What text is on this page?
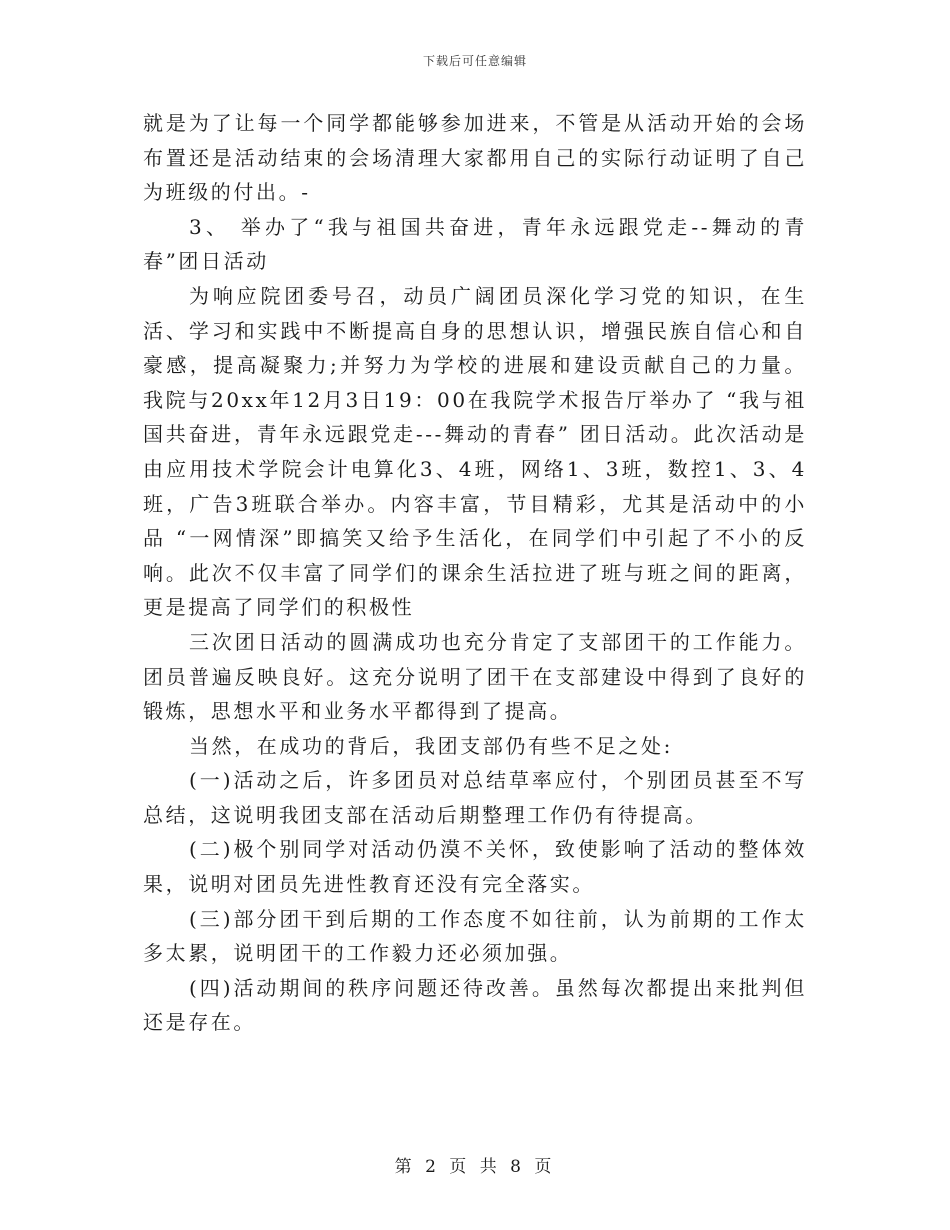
下载后可任意编辑

就是为了让每一个同学都能够参加进来，不管是从活动开始的会场布置还是活动结束的会场清理大家都用自己的实际行动证明了自己为班级的付出。-

3、 举办了“我与祖国共奋进，青年永远跟党走--舞动的青春”团日活动

为响应院团委号召，动员广阔团员深化学习党的知识，在生活、学习和实践中不断提高自身的思想认识，增强民族自信心和自豪感，提高凝聚力;并努力为学校的进展和建设贡献自己的力量。我院与20xx年12月3日19：00在我院学术报告厅举办了 “我与祖国共奋进，青年永远跟党走---舞动的青春” 团日活动。此次活动是由应用技术学院会计电算化3、4班，网络1、3班，数控1、3、4班，广告3班联合举办。内容丰富，节目精彩，尤其是活动中的小品 “一网情深”即搞笑又给予生活化，在同学们中引起了不小的反响。此次不仅丰富了同学们的课余生活拉进了班与班之间的距离，更是提高了同学们的积极性

三次团日活动的圆满成功也充分肯定了支部团干的工作能力。团员普遍反映良好。这充分说明了团干在支部建设中得到了良好的锻炼，思想水平和业务水平都得到了提高。

当然，在成功的背后，我团支部仍有些不足之处:

(一)活动之后，许多团员对总结草率应付，个别团员甚至不写总结，这说明我团支部在活动后期整理工作仍有待提高。

(二)极个别同学对活动仍漠不关怀，致使影响了活动的整体效果，说明对团员先进性教育还没有完全落实。

(三)部分团干到后期的工作态度不如往前，认为前期的工作太多太累，说明团干的工作毅力还必须加强。

(四)活动期间的秩序问题还待改善。虽然每次都提出来批判但还是存在。

第 2 页 共 8 页
